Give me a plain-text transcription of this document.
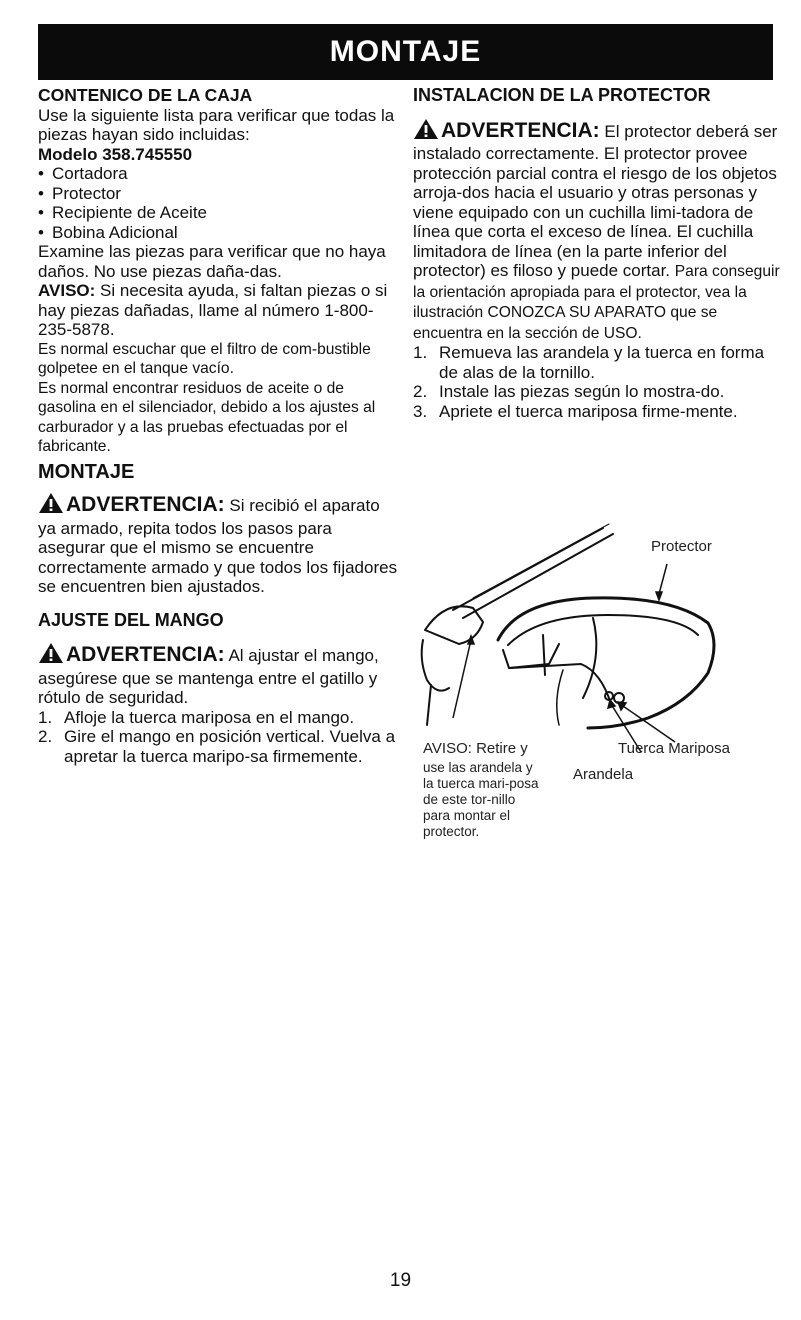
MONTAJE

CONTENICO DE LA CAJA

Use la siguiente lista para verificar que todas la piezas hayan sido incluidas:

Modelo 358.745550

• Cortadora
• Protector
• Recipiente de Aceite
• Bobina Adicional

Examine las piezas para verificar que no haya daños. No use piezas daña-das.

AVISO: Si necesita ayuda, si faltan piezas o si hay piezas dañadas, llame al número 1-800-235-5878.

Es normal escuchar que el filtro de com-bustible golpetee en el tanque vacío.

Es normal encontrar residuos de aceite o de gasolina en el silenciador, debido a los ajustes al carburador y a las pruebas efectuadas por el fabricante.

MONTAJE

ADVERTENCIA: Si recibió el aparato ya armado, repita todos los pasos para asegurar que el mismo se encuentre correctamente armado y que todos los fijadores se encuentren bien ajustados.

AJUSTE DEL MANGO

ADVERTENCIA: Al ajustar el mango, asegúrese que se mantenga entre el gatillo y rótulo de seguridad.
1. Afloje la tuerca mariposa en el mango.
2. Gire el mango en posición vertical. Vuelva a apretar la tuerca maripo-sa firmemente.

INSTALACION DE LA PROTECTOR

ADVERTENCIA: El protector deberá ser instalado correctamente. El protector provee protección parcial contra el riesgo de los objetos arroja-dos hacia el usuario y otras personas y viene equipado con un cuchilla limi-tadora de línea que corta el exceso de línea. El cuchilla limitadora de línea (en la parte inferior del protector) es filoso y puede cortar. Para conseguir la orientación apropiada para el protector, vea la ilustración CONOZCA SU APARATO que se encuentra en la sección de USO.
1. Remueva las arandela y la tuerca en forma de alas de la tornillo.
2. Instale las piezas según lo mostra-do.
3. Apriete el tuerca mariposa firme-mente.
Protector
AVISO: Retire y
use las arandela y la tuerca mari-posa de este tor-nillo para montar el protector.
Tuerca Mariposa
Arandela
19
